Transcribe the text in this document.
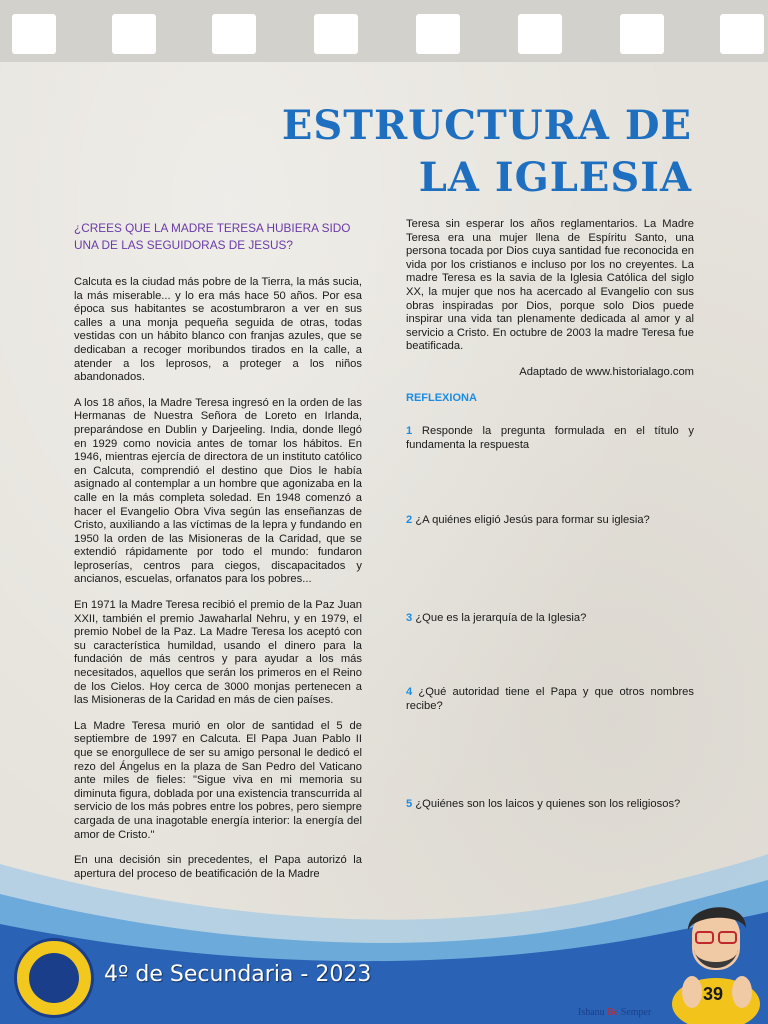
ESTRUCTURA DE
LA IGLESIA
¿CREES QUE LA MADRE TERESA HUBIERA SIDO UNA DE LAS SEGUIDORAS DE JESUS?

Calcuta es la ciudad más pobre de la Tierra, la más sucia, la más miserable... y lo era más hace 50 años. Por esa época sus habitantes se acostumbraron a ver en sus calles a una monja pequeña seguida de otras, todas vestidas con un hábito blanco con franjas azules, que se dedicaban a recoger moribundos tirados en la calle, a atender a los leprosos, a proteger a los niños abandonados.

A los 18 años, la Madre Teresa ingresó en la orden de las Hermanas de Nuestra Señora de Loreto en Irlanda, preparándose en Dublin y Darjeeling. India, donde llegó en 1929 como novicia antes de tomar los hábitos. En 1946, mientras ejercía de directora de un instituto católico en Calcuta, comprendió el destino que Dios le había asignado al contemplar a un hombre que agonizaba en la calle en la más completa soledad. En 1948 comenzó a hacer el Evangelio Obra Viva según las enseñanzas de Cristo, auxiliando a las víctimas de la lepra y fundando en 1950 la orden de las Misioneras de la Caridad, que se extendió rápidamente por todo el mundo: fundaron leproserías, centros para ciegos, discapacitados y ancianos, escuelas, orfanatos para los pobres...

En 1971 la Madre Teresa recibió el premio de la Paz Juan XXII, también el premio Jawaharlal Nehru, y en 1979, el premio Nobel de la Paz. La Madre Teresa los aceptó con su característica humildad, usando el dinero para la fundación de más centros y para ayudar a los más necesitados, aquellos que serán los primeros en el Reino de los Cielos. Hoy cerca de 3000 monjas pertenecen a las Misioneras de la Caridad en más de cien países.

La Madre Teresa murió en olor de santidad el 5 de septiembre de 1997 en Calcuta. El Papa Juan Pablo II que se enorgullece de ser su amigo personal le dedicó el rezo del Ángelus en la plaza de San Pedro del Vaticano ante miles de fieles: "Sigue viva en mi memoria su diminuta figura, doblada por una existencia transcurrida al servicio de los más pobres entre los pobres, pero siempre cargada de una inagotable energía interior: la energía del amor de Cristo."

En una decisión sin precedentes, el Papa autorizó la apertura del proceso de beatificación de la Madre

Teresa sin esperar los años reglamentarios. La Madre Teresa era una mujer llena de Espíritu Santo, una persona tocada por Dios cuya santidad fue reconocida en vida por los cristianos e incluso por los no creyentes. La madre Teresa es la savia de la Iglesia Católica del siglo XX, la mujer que nos ha acercado al Evangelio con sus obras inspiradas por Dios, porque solo Dios puede inspirar una vida tan plenamente dedicada al amor y al servicio a Cristo. En octubre de 2003 la madre Teresa fue beatificada.

Adaptado de www.historialago.com

REFLEXIONA

1 Responde la pregunta formulada en el título y fundamenta la respuesta
2 ¿A quiénes eligió Jesús para formar su iglesia?
3 ¿Que es la jerarquía de la Iglesia?
4 ¿Qué autoridad tiene el Papa y que otros nombres recibe?
5 ¿Quiénes son los laicos y quienes son los religiosos?
4º de Secundaria - 2023
39
Ishanu Be Semper
